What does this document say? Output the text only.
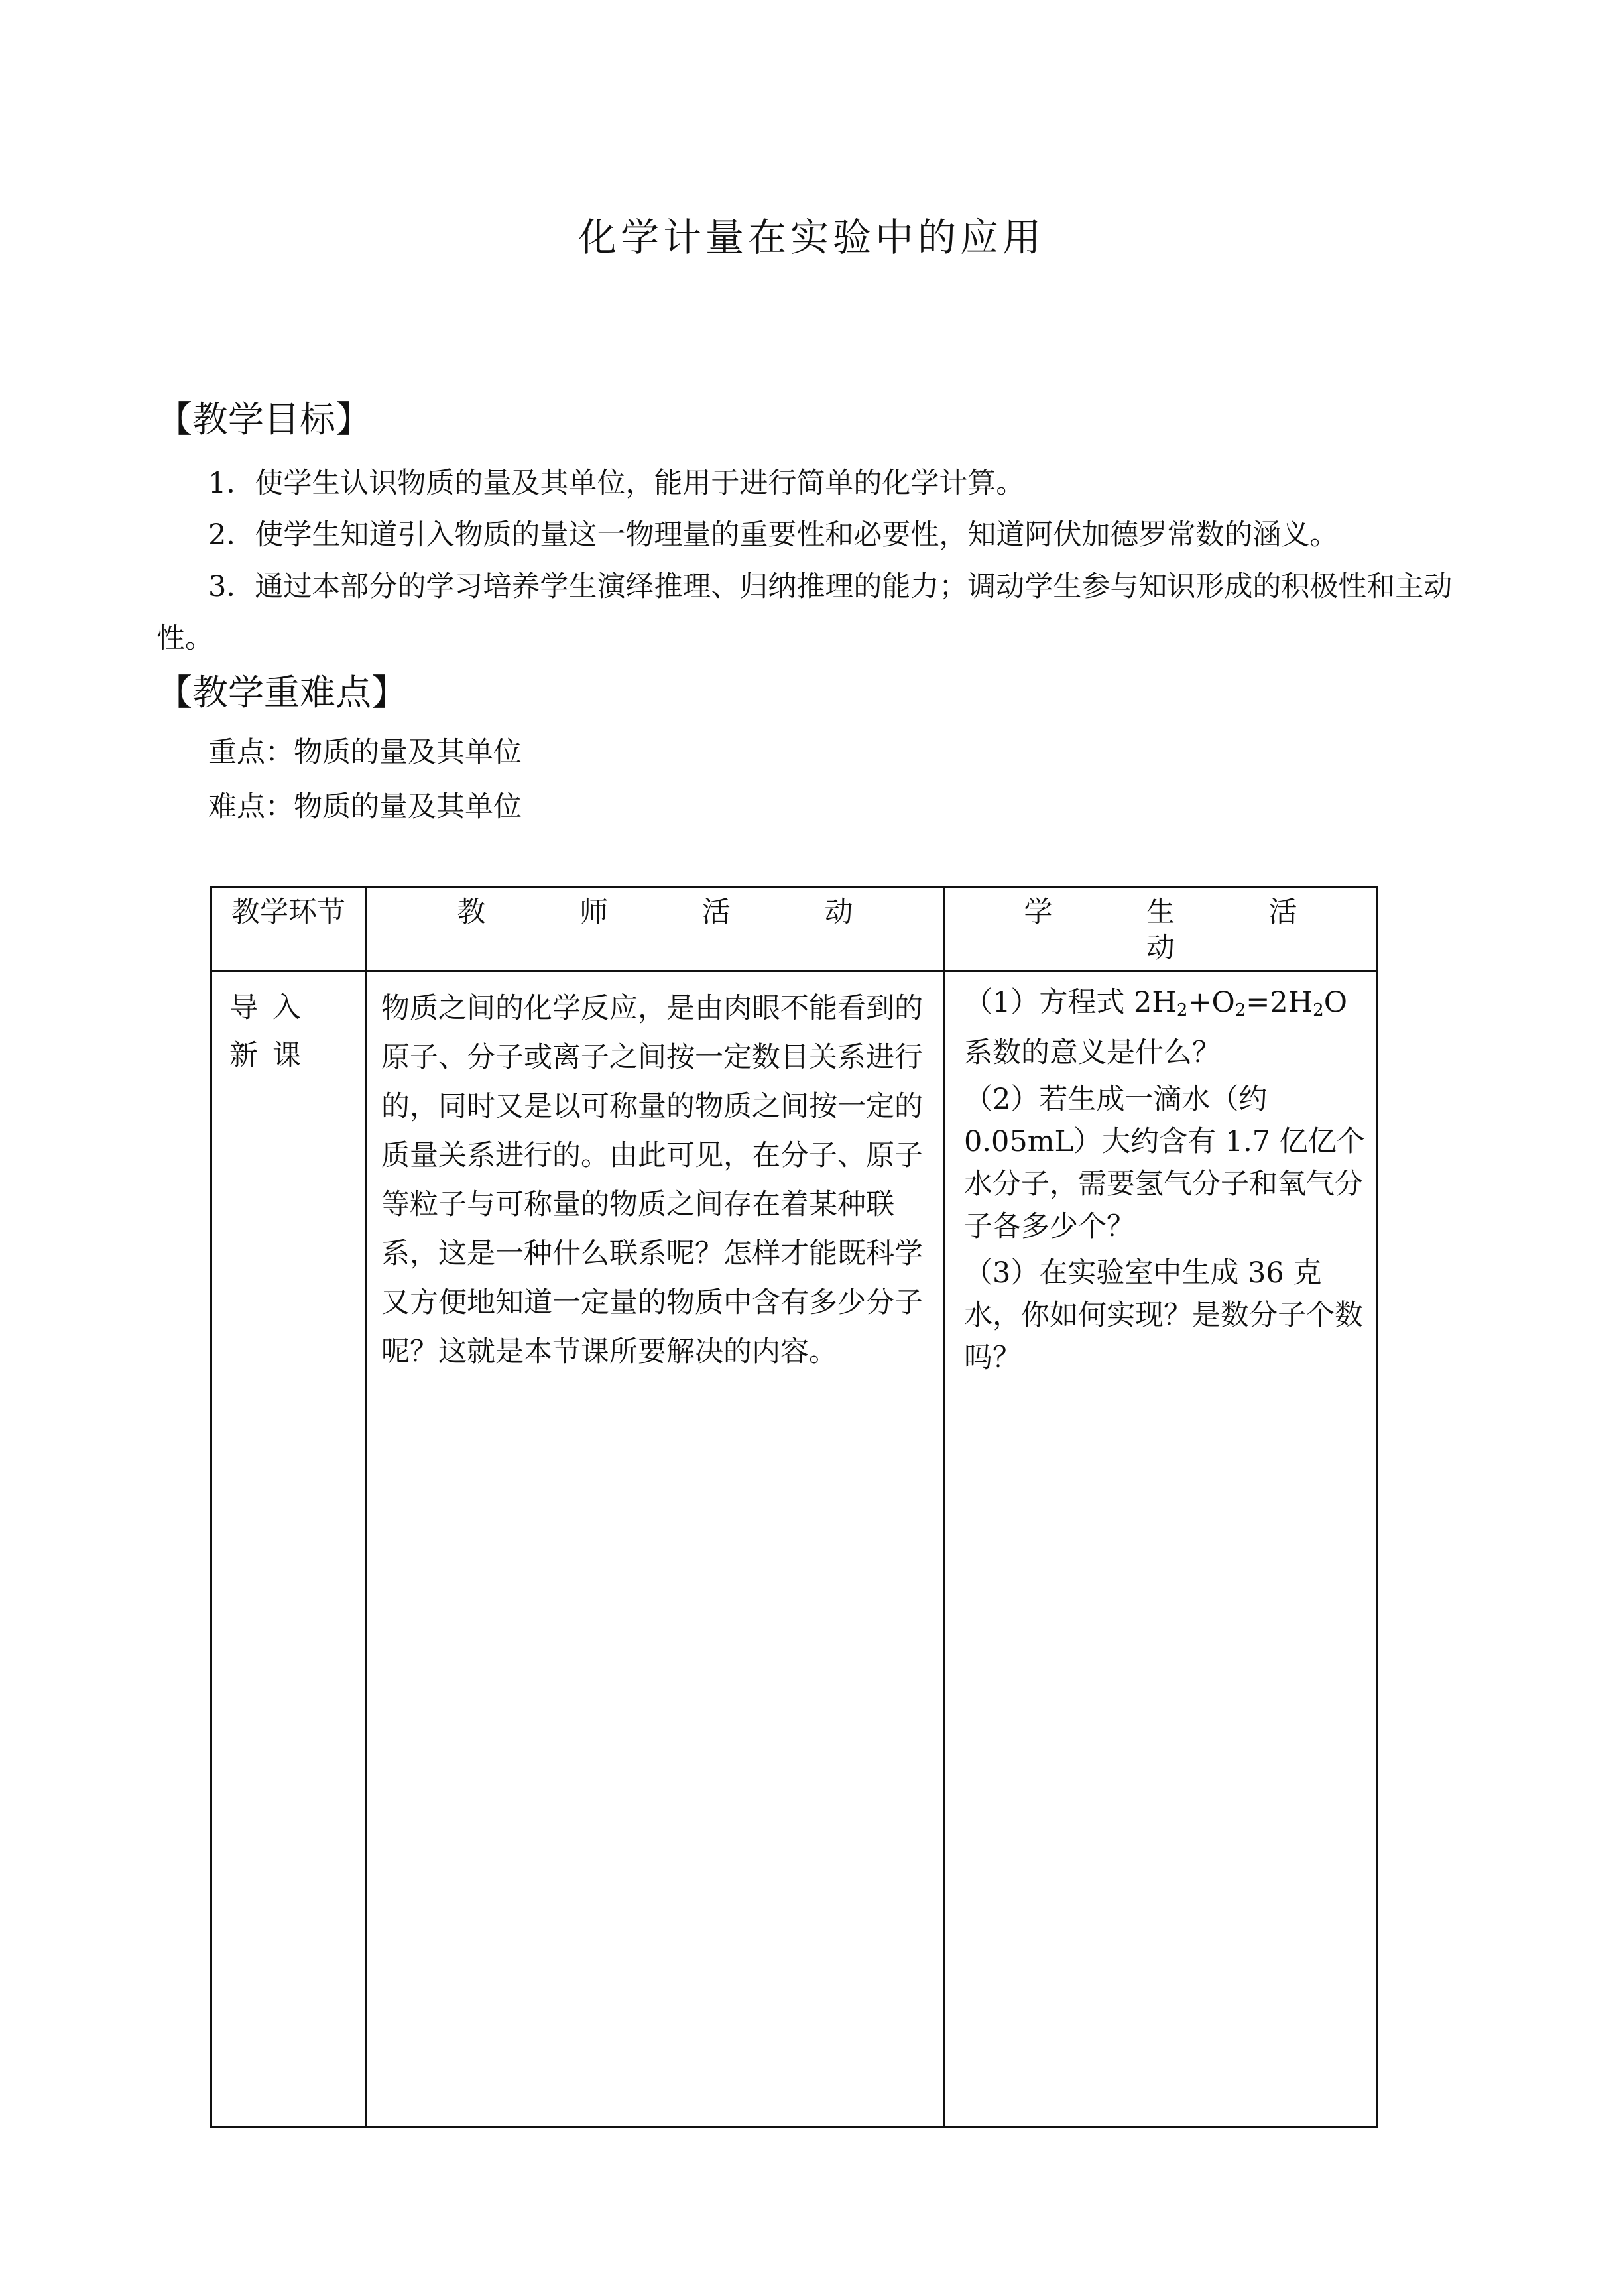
化学计量在实验中的应用
【教学目标】
1．使学生认识物质的量及其单位，能用于进行简单的化学计算。
2．使学生知道引入物质的量这一物理量的重要性和必要性，知道阿伏加德罗常数的涵义。
3．通过本部分的学习培养学生演绎推理、归纳推理的能力；调动学生参与知识形成的积极性和主动性。
【教学重难点】
重点：物质的量及其单位
难点：物质的量及其单位
教学环节	教 师 活 动	学 生 活 动
导入新课	物质之间的化学反应，是由肉眼不能看到的原子、分子或离子之间按一定数目关系进行的，同时又是以可称量的物质之间按一定的质量关系进行的。由此可见，在分子、原子等粒子与可称量的物质之间存在着某种联系，这是一种什么联系呢？怎样才能既科学又方便地知道一定量的物质中含有多少分子呢？这就是本节课所要解决的内容。	（1）方程式 $2H_2+O_2=2H_2O$系数的意义是什么？

（2）若生成一滴水（约0.05mL）大约含有 1.7 亿亿个水分子，需要氢气分子和氧气分子各多少个？

（3）在实验室中生成 36 克水，你如何实现？是数分子个数吗？
